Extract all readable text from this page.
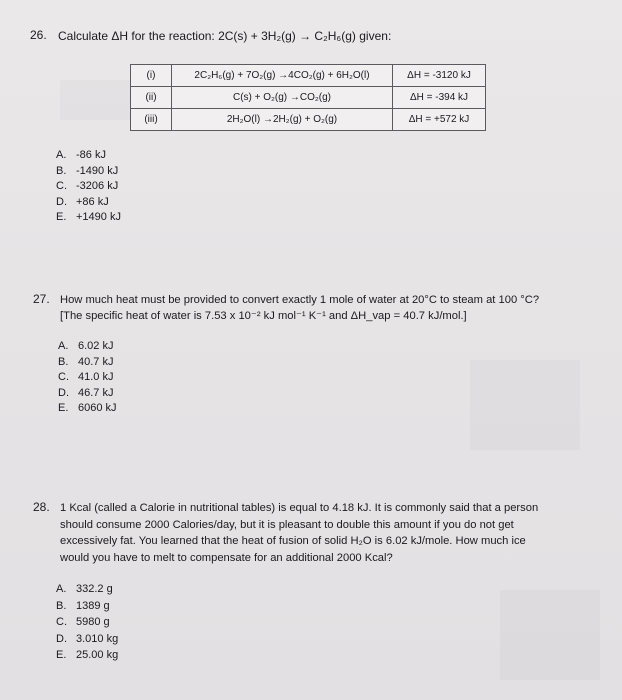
26. Calculate ΔH for the reaction: 2C(s) + 3H₂(g) → C₂H₆(g) given:
(i)	2C₂H₆(g) + 7O₂(g) →4CO₂(g) + 6H₂O(l)	ΔH = -3120 kJ
(ii)	C(s) + O₂(g) →CO₂(g)	ΔH = -394 kJ
(iii)	2H₂O(l) →2H₂(g) + O₂(g)	ΔH = +572 kJ
A. -86 kJ
B. -1490 kJ
C. -3206 kJ
D. +86 kJ
E. +1490 kJ
27. How much heat must be provided to convert exactly 1 mole of water at 20°C to steam at 100 °C?
[The specific heat of water is 7.53 x 10⁻² kJ mol⁻¹ K⁻¹ and ΔH_vap = 40.7 kJ/mol.]
A. 6.02 kJ
B. 40.7 kJ
C. 41.0 kJ
D. 46.7 kJ
E. 6060 kJ
28. 1 Kcal (called a Calorie in nutritional tables) is equal to 4.18 kJ. It is commonly said that a person
should consume 2000 Calories/day, but it is pleasant to double this amount if you do not get
excessively fat. You learned that the heat of fusion of solid H₂O is 6.02 kJ/mole. How much ice
would you have to melt to compensate for an additional 2000 Kcal?
A. 332.2 g
B. 1389 g
C. 5980 g
D. 3.010 kg
E. 25.00 kg
